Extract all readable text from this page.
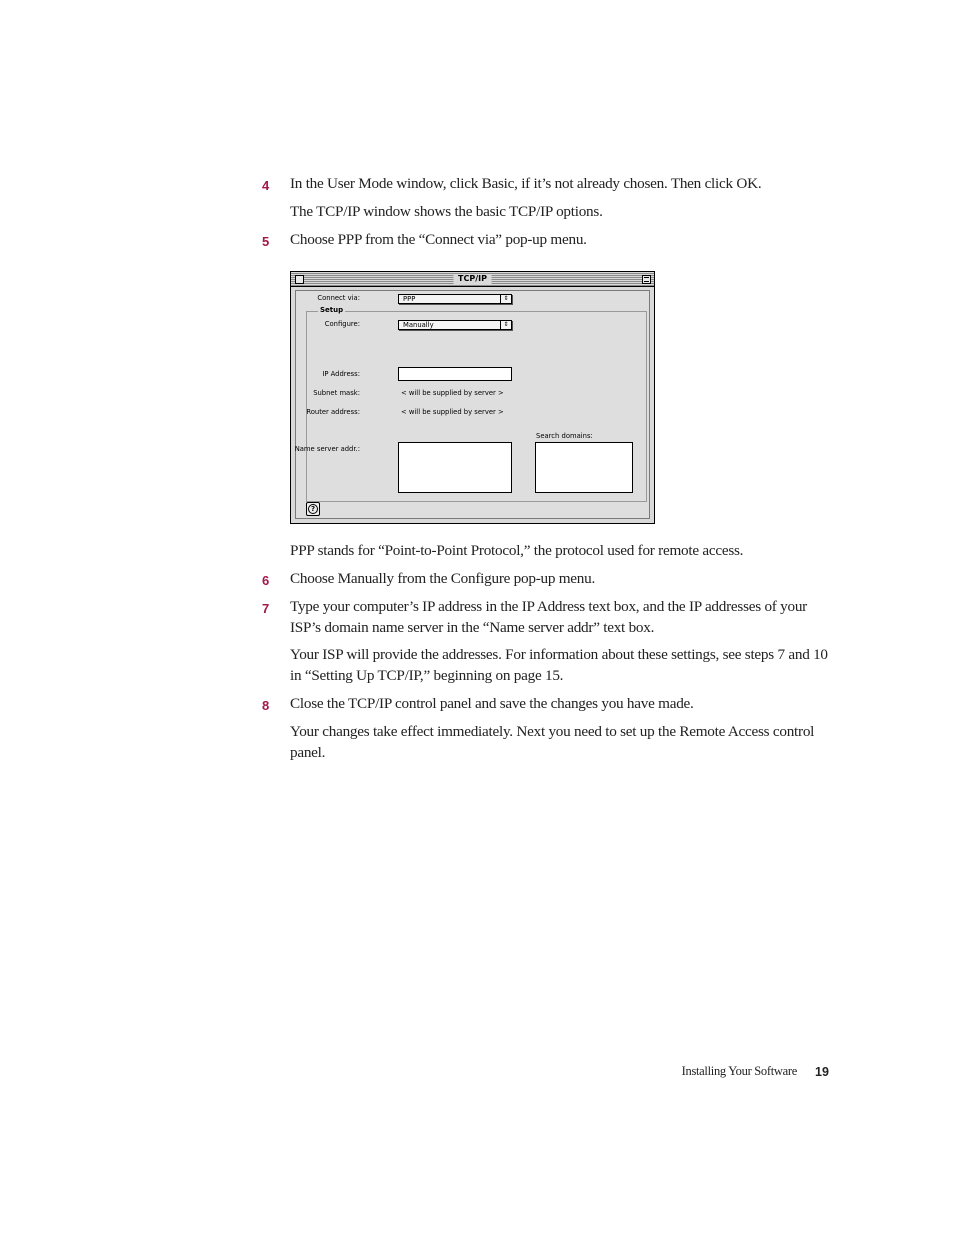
4	In the User Mode window, click Basic, if it’s not already chosen. Then click OK.
The TCP/IP window shows the basic TCP/IP options.
5	Choose PPP from the “Connect via” pop-up menu.
TCP/IP
Connect via:	PPP	⇕
Setup
Configure:	Manually	⇕
IP Address:
Subnet mask:	< will be supplied by server >
Router address:	< will be supplied by server >
Name server addr.:
Search domains:
?
PPP stands for “Point-to-Point Protocol,” the protocol used for remote access.
6	Choose Manually from the Configure pop-up menu.
7	Type your computer’s IP address in the IP Address text box, and the IP addresses of your ISP’s domain name server in the “Name server addr” text box.
Your ISP will provide the addresses. For information about these settings, see steps 7 and 10 in “Setting Up TCP/IP,” beginning on page 15.
8	Close the TCP/IP control panel and save the changes you have made.
Your changes take effect immediately. Next you need to set up the Remote Access control panel.
Installing Your Software 19
